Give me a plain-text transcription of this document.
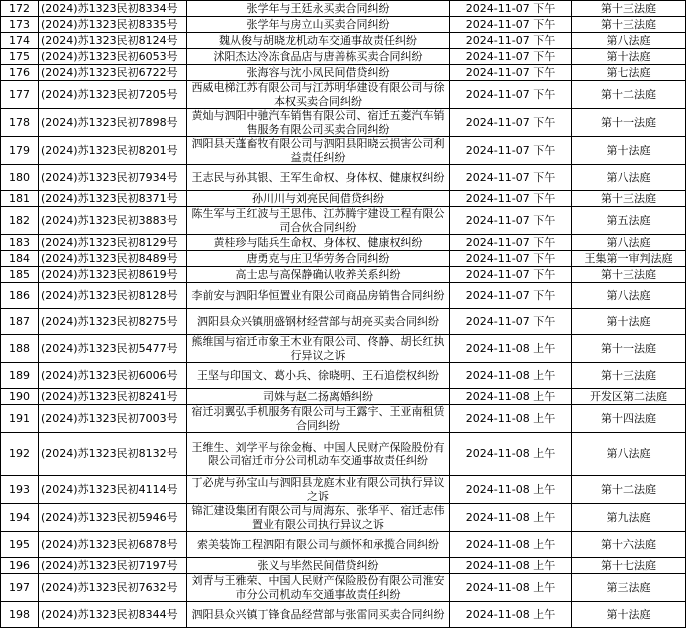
172	(2024)苏1323民初8334号	张学年与王廷永买卖合同纠纷	2024-11-07 下午	第十三法庭
173	(2024)苏1323民初8335号	张学年与房立山买卖合同纠纷	2024-11-07 下午	第十三法庭
174	(2024)苏1323民初8124号	魏从俊与胡晓龙机动车交通事故责任纠纷	2024-11-07 下午	第八法庭
175	(2024)苏1323民初6053号	沭阳杰达冷冻食品店与唐善栋买卖合同纠纷	2024-11-07 下午	第十法庭
176	(2024)苏1323民初6722号	张海容与沈小凤民间借贷纠纷	2024-11-07 下午	第七法庭
177	(2024)苏1323民初7205号	西威电梯江苏有限公司与江苏明华建设有限公司与徐本权买卖合同纠纷	2024-11-07 下午	第十二法庭
178	(2024)苏1323民初7898号	黄灿与泗阳中驰汽车销售有限公司、宿迁五菱汽车销售服务有限公司买卖合同纠纷	2024-11-07 下午	第十一法庭
179	(2024)苏1323民初8201号	泗阳县天蓬畜牧有限公司与泗阳县阳晓云损害公司利益责任纠纷	2024-11-07 下午	第十法庭
180	(2024)苏1323民初7934号	王志民与孙其银、王军生命权、身体权、健康权纠纷	2024-11-07 下午	第八法庭
181	(2024)苏1323民初8371号	孙川川与刘亮民间借贷纠纷	2024-11-07 下午	第十三法庭
182	(2024)苏1323民初3883号	陈生军与王红波与王思伟、江苏腾宇建设工程有限公司合伙合同纠纷	2024-11-07 下午	第五法庭
183	(2024)苏1323民初8129号	黄桂珍与陆兵生命权、身体权、健康权纠纷	2024-11-07 下午	第八法庭
184	(2024)苏1323民初8489号	唐勇克与庄卫华劳务合同纠纷	2024-11-07 下午	王集第一审判法庭
185	(2024)苏1323民初8619号	高士忠与高保静确认收养关系纠纷	2024-11-07 下午	第十三法庭
186	(2024)苏1323民初8128号	李前安与泗阳华恒置业有限公司商品房销售合同纠纷	2024-11-07 下午	第八法庭
187	(2024)苏1323民初8275号	泗阳县众兴镇朋盛钢材经营部与胡亮买卖合同纠纷	2024-11-07 下午	第十法庭
188	(2024)苏1323民初5477号	熊维国与宿迁市象王木业有限公司、佟静、胡长红执行异议之诉	2024-11-08 上午	第十一法庭
189	(2024)苏1323民初6006号	王坚与印国文、葛小兵、徐晓明、王石追偿权纠纷	2024-11-08 上午	第十三法庭
190	(2024)苏1323民初8241号	司姝与赵二扬离婚纠纷	2024-11-08 上午	开发区第二法庭
191	(2024)苏1323民初7003号	宿迁羽翼弘手机服务有限公司与王露宇、王亚南租赁合同纠纷	2024-11-08 上午	第十四法庭
192	(2024)苏1323民初8132号	王维生、刘学平与徐金梅、中国人民财产保险股份有限公司宿迁市分公司机动车交通事故责任纠纷	2024-11-08 上午	第八法庭
193	(2024)苏1323民初4114号	丁必虎与孙宝山与泗阳县龙庭木业有限公司执行异议之诉	2024-11-08 上午	第十二法庭
194	(2024)苏1323民初5946号	锦汇建设集团有限公司与周海东、张华平、宿迁志伟置业有限公司执行异议之诉	2024-11-08 上午	第九法庭
195	(2024)苏1323民初6878号	索美装饰工程泗阳有限公司与颜怀和承揽合同纠纷	2024-11-08 上午	第十六法庭
196	(2024)苏1323民初7197号	张义与毕然民间借贷纠纷	2024-11-08 上午	第十七法庭
197	(2024)苏1323民初7632号	刘青与王雅荣、中国人民财产保险股份有限公司淮安市分公司机动车交通事故责任纠纷	2024-11-08 上午	第三法庭
198	(2024)苏1323民初8344号	泗阳县众兴镇丁锋食品经营部与张雷同买卖合同纠纷	2024-11-08 上午	第十法庭
